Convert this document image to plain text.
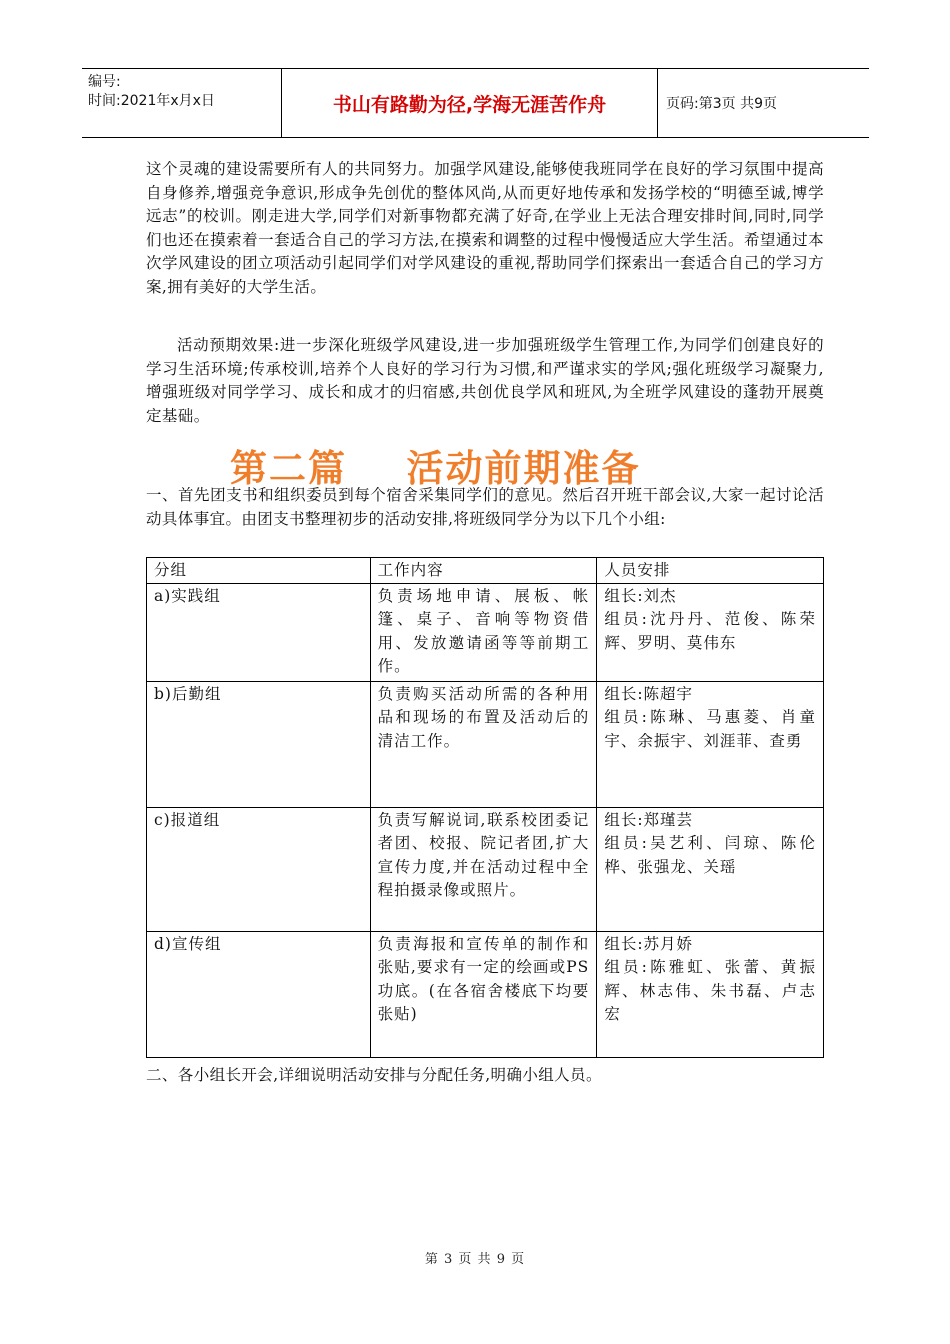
编号:
时间:2021年x月x日	书山有路勤为径,学海无涯苦作舟	页码:第3页 共9页

这个灵魂的建设需要所有人的共同努力。加强学风建设,能够使我班同学在良好的学习氛围中提高自身修养,增强竞争意识,形成争先创优的整体风尚,从而更好地传承和发扬学校的“明德至诚,博学远志”的校训。刚走进大学,同学们对新事物都充满了好奇,在学业上无法合理安排时间,同时,同学们也还在摸索着一套适合自己的学习方法,在摸索和调整的过程中慢慢适应大学生活。希望通过本次学风建设的团立项活动引起同学们对学风建设的重视,帮助同学们探索出一套适合自己的学习方案,拥有美好的大学生活。

活动预期效果:进一步深化班级学风建设,进一步加强班级学生管理工作,为同学们创建良好的学习生活环境;传承校训,培养个人良好的学习行为习惯,和严谨求实的学风;强化班级学习凝聚力,增强班级对同学学习、成长和成才的归宿感,共创优良学风和班风,为全班学风建设的蓬勃开展奠定基础。

第二篇    活动前期准备

一、首先团支书和组织委员到每个宿舍采集同学们的意见。然后召开班干部会议,大家一起讨论活动具体事宜。由团支书整理初步的活动安排,将班级同学分为以下几个小组:

分组	工作内容	人员安排
a)实践组	负责场地申请、展板、帐篷、桌子、音响等物资借用、发放邀请函等等前期工作。	组长:刘杰
组员:沈丹丹、范俊、陈荣辉、罗明、莫伟东
b)后勤组	负责购买活动所需的各种用品和现场的布置及活动后的清洁工作。	组长:陈超宇
组员:陈琳、马惠菱、肖童宇、余振宇、刘涯菲、查勇
c)报道组	负责写解说词,联系校团委记者团、校报、院记者团,扩大宣传力度,并在活动过程中全程拍摄录像或照片。	组长:郑瑾芸
组员:吴艺利、闫琼、陈伦桦、张强龙、关瑶
d)宣传组	负责海报和宣传单的制作和张贴,要求有一定的绘画或PS功底。(在各宿舍楼底下均要张贴)	组长:苏月娇
组员:陈雅虹、张蕾、黄振辉、林志伟、朱书磊、卢志宏

二、各小组长开会,详细说明活动安排与分配任务,明确小组人员。

第 3 页 共 9 页
